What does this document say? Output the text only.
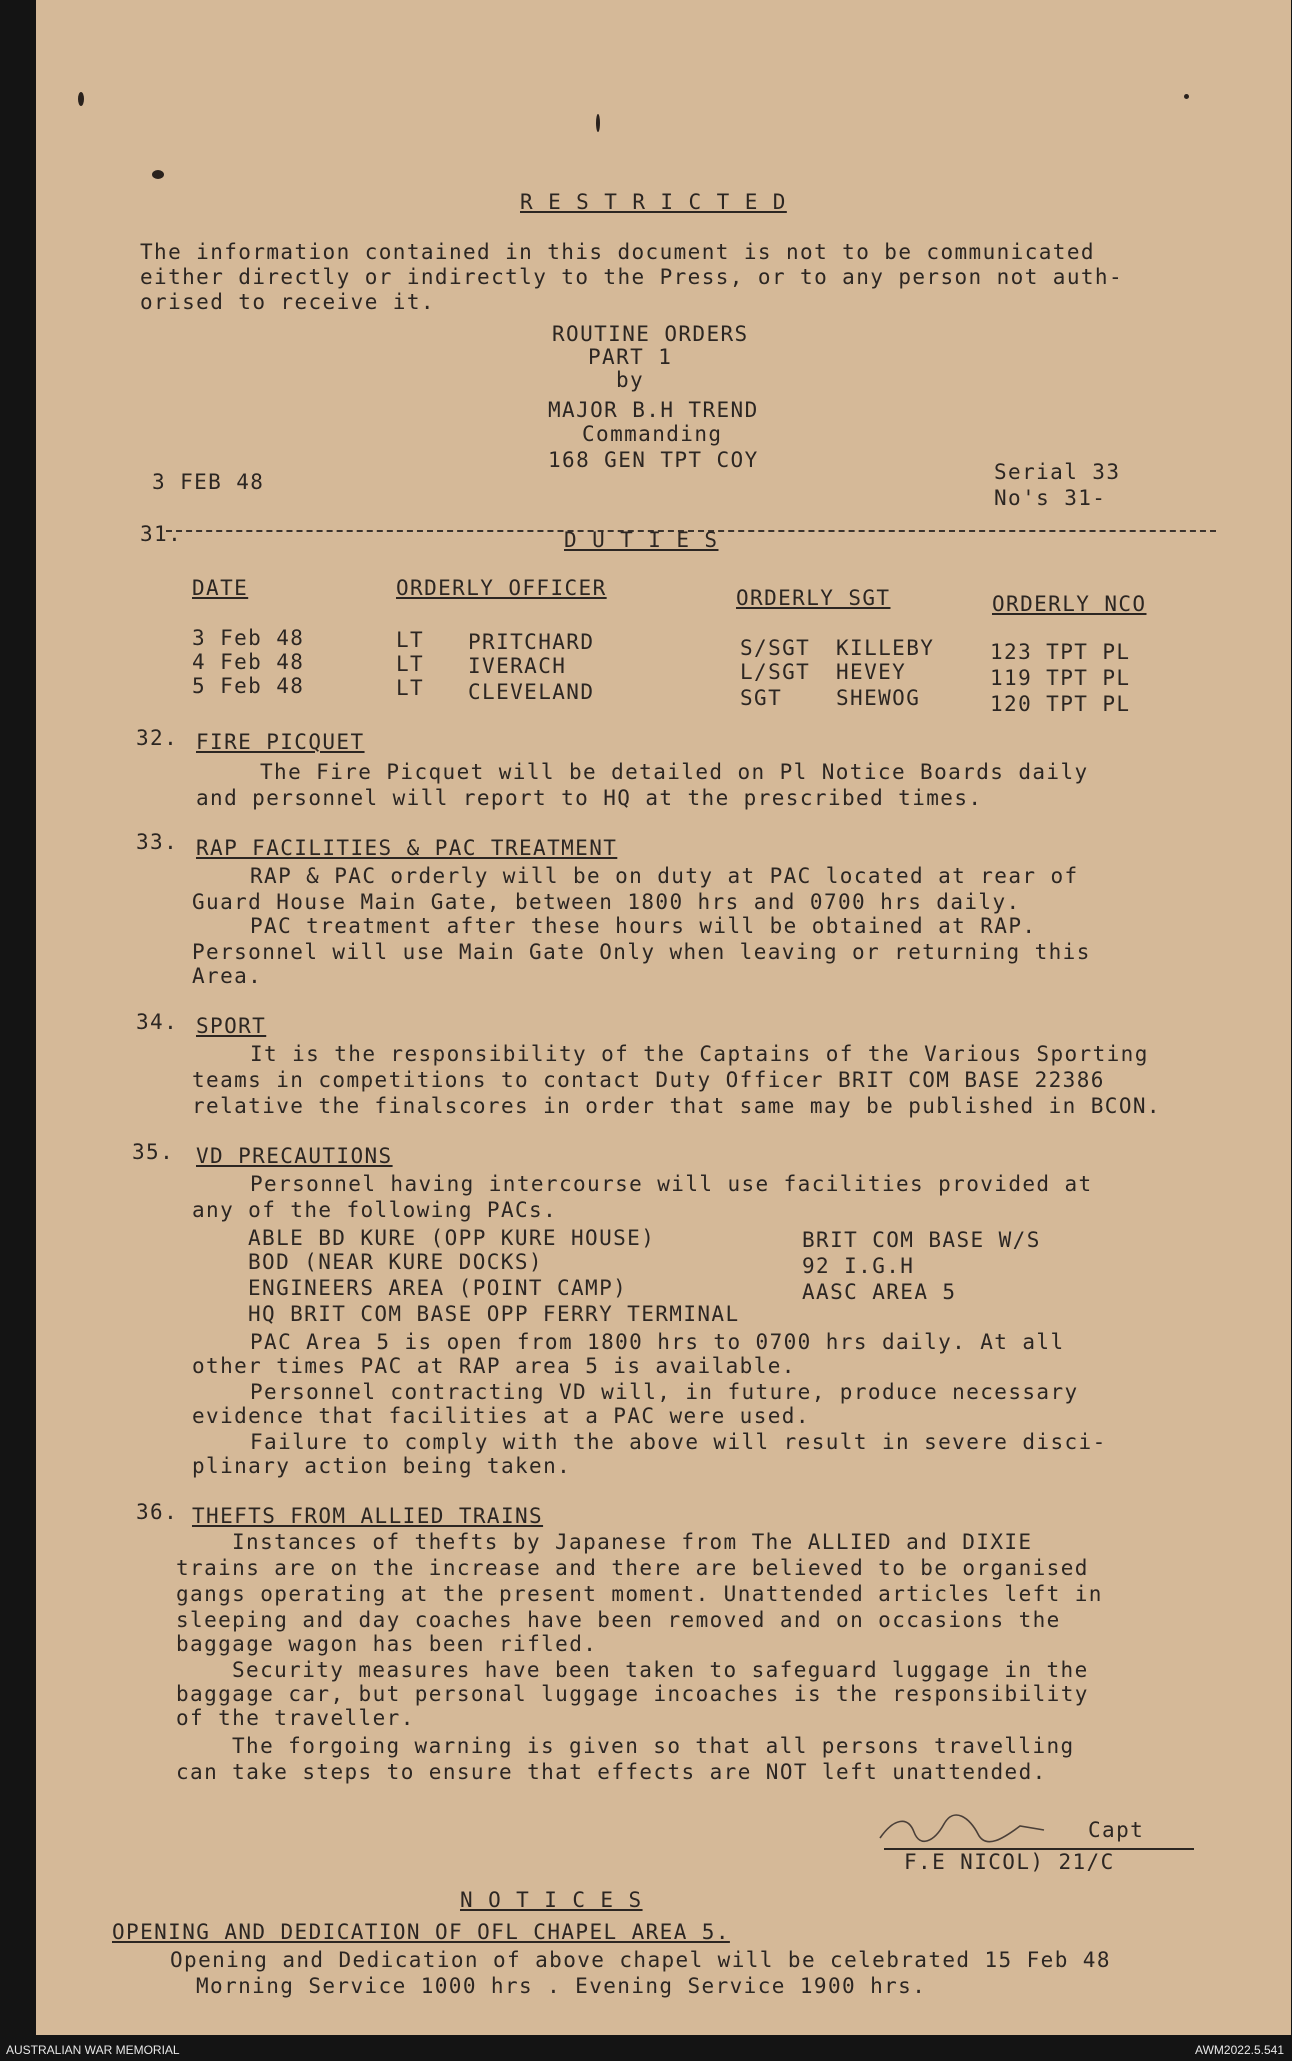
R E S T R I C T E D
The information contained in this document is not to be communicated
either directly or indirectly to the Press, or to any person not auth-
orised to receive it.
ROUTINE ORDERS
PART 1
by
MAJOR B.H TREND
Commanding
168 GEN TPT COY
3 FEB 48	Serial 33
No's 31-
31.	D U T I E S
DATE	ORDERLY OFFICER	ORDERLY SGT	ORDERLY NCO
3 Feb 48	LT PRITCHARD	S/SGT KILLEBY	123 TPT PL
4 Feb 48	LT IVERACH	L/SGT HEVEY	119 TPT PL
5 Feb 48	LT CLEVELAND	SGT	SHEWOG	120 TPT PL
32. FIRE PICQUET
The Fire Picquet will be detailed on Pl Notice Boards daily
and personnel will report to HQ at the prescribed times.
33. RAP FACILITIES & PAC TREATMENT
RAP & PAC orderly will be on duty at PAC located at rear of
Guard House Main Gate, between 1800 hrs and 0700 hrs daily.
PAC treatment after these hours will be obtained at RAP.
Personnel will use Main Gate Only when leaving or returning this
Area.
34. SPORT
It is the responsibility of the Captains of the Various Sporting
teams in competitions to contact Duty Officer BRIT COM BASE 22386
relative the finalscores in order that same may be published in BCON.
35. VD PRECAUTIONS
Personnel having intercourse will use facilities provided at
any of the following PACs.
ABLE BD KURE (OPP KURE HOUSE)
BOD (NEAR KURE DOCKS)
ENGINEERS AREA (POINT CAMP)
HQ BRIT COM BASE OPP FERRY TERMINAL
BRIT COM BASE W/S
92 I.G.H
AASC AREA 5
PAC Area 5 is open from 1800 hrs to 0700 hrs daily. At all
other times PAC at RAP area 5 is available.
Personnel contracting VD will, in future, produce necessary
evidence that facilities at a PAC were used.
Failure to comply with the above will result in severe disci-
plinary action being taken.
36. THEFTS FROM ALLIED TRAINS
Instances of thefts by Japanese from The ALLIED and DIXIE
trains are on the increase and there are believed to be organised
gangs operating at the present moment. Unattended articles left in
sleeping and day coaches have been removed and on occasions the
baggage wagon has been rifled.
Security measures have been taken to safeguard luggage in the
baggage car, but personal luggage incoaches is the responsibility
of the traveller.
The forgoing warning is given so that all persons travelling
can take steps to ensure that effects are NOT left unattended.
Capt
F.E NICOL) 21/C
N O T I C E S
OPENING AND DEDICATION OF OFL CHAPEL AREA 5.
Opening and Dedication of above chapel will be celebrated 15 Feb 48
Morning Service 1000 hrs . Evening Service 1900 hrs.
AUSTRALIAN WAR MEMORIAL	AWM2022.5.541
